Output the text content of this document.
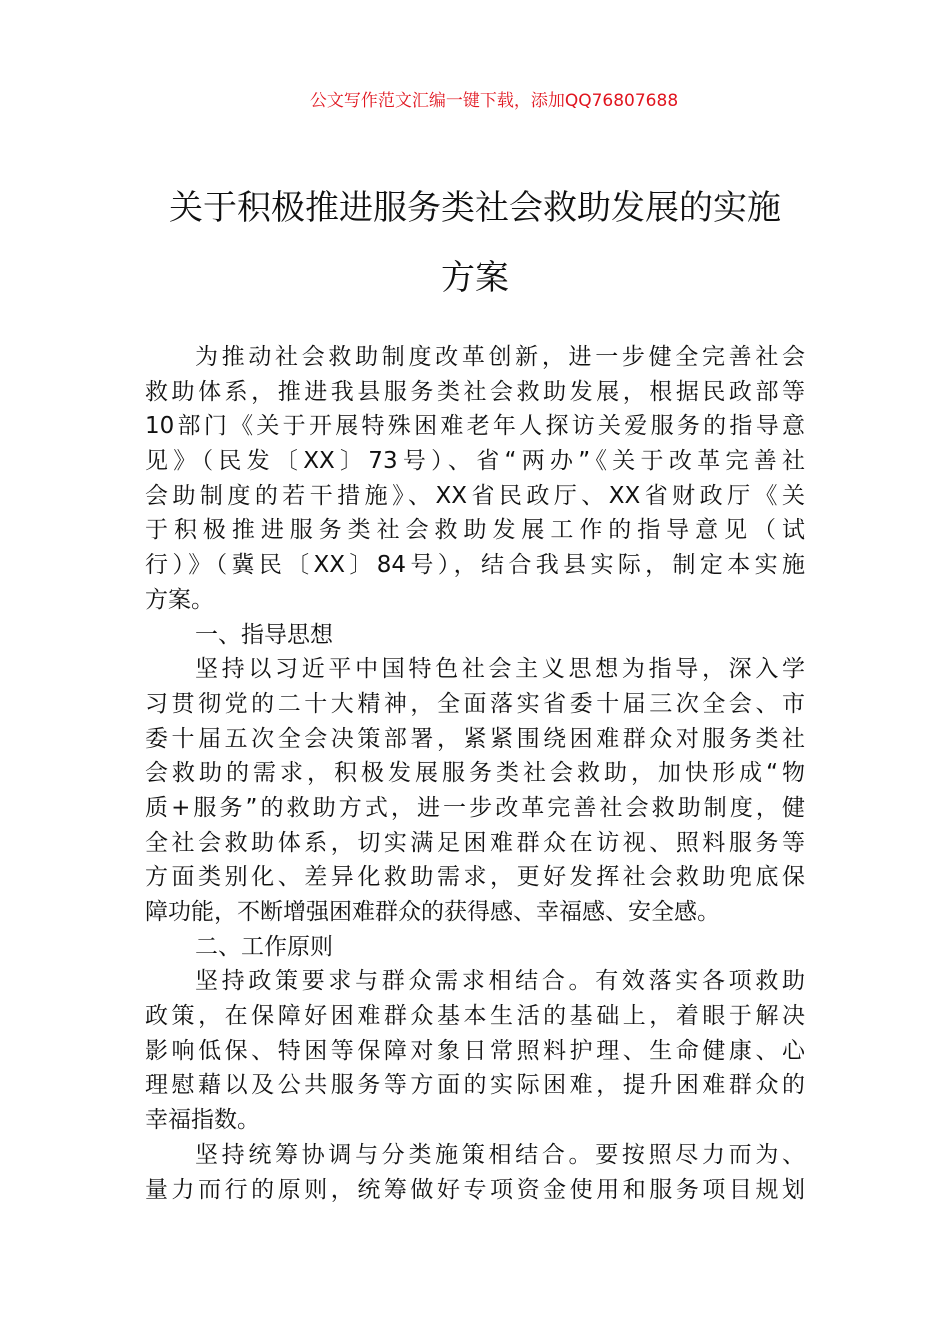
公文写作范文汇编一键下载，添加QQ76807688
关于积极推进服务类社会救助发展的实施
方案
为推动社会救助制度改革创新，进一步健全完善社会
救助体系，推进我县服务类社会救助发展，根据民政部等
10部门《关于开展特殊困难老年人探访关爱服务的指导意
见》（民发〔XX〕73号）、省“两办”《关于改革完善社
会助制度的若干措施》、XX省民政厅、XX省财政厅《关
于积极推进服务类社会救助发展工作的指导意见（试
行）》（冀民〔XX〕84号），结合我县实际，制定本实施
方案。
一、指导思想
坚持以习近平中国特色社会主义思想为指导，深入学
习贯彻党的二十大精神，全面落实省委十届三次全会、市
委十届五次全会决策部署，紧紧围绕困难群众对服务类社
会救助的需求，积极发展服务类社会救助，加快形成“物
质+服务”的救助方式，进一步改革完善社会救助制度，健
全社会救助体系，切实满足困难群众在访视、照料服务等
方面类别化、差异化救助需求，更好发挥社会救助兜底保
障功能，不断增强困难群众的获得感、幸福感、安全感。
二、工作原则
坚持政策要求与群众需求相结合。有效落实各项救助
政策，在保障好困难群众基本生活的基础上，着眼于解决
影响低保、特困等保障对象日常照料护理、生命健康、心
理慰藉以及公共服务等方面的实际困难，提升困难群众的
幸福指数。
坚持统筹协调与分类施策相结合。要按照尽力而为、
量力而行的原则，统筹做好专项资金使用和服务项目规划
